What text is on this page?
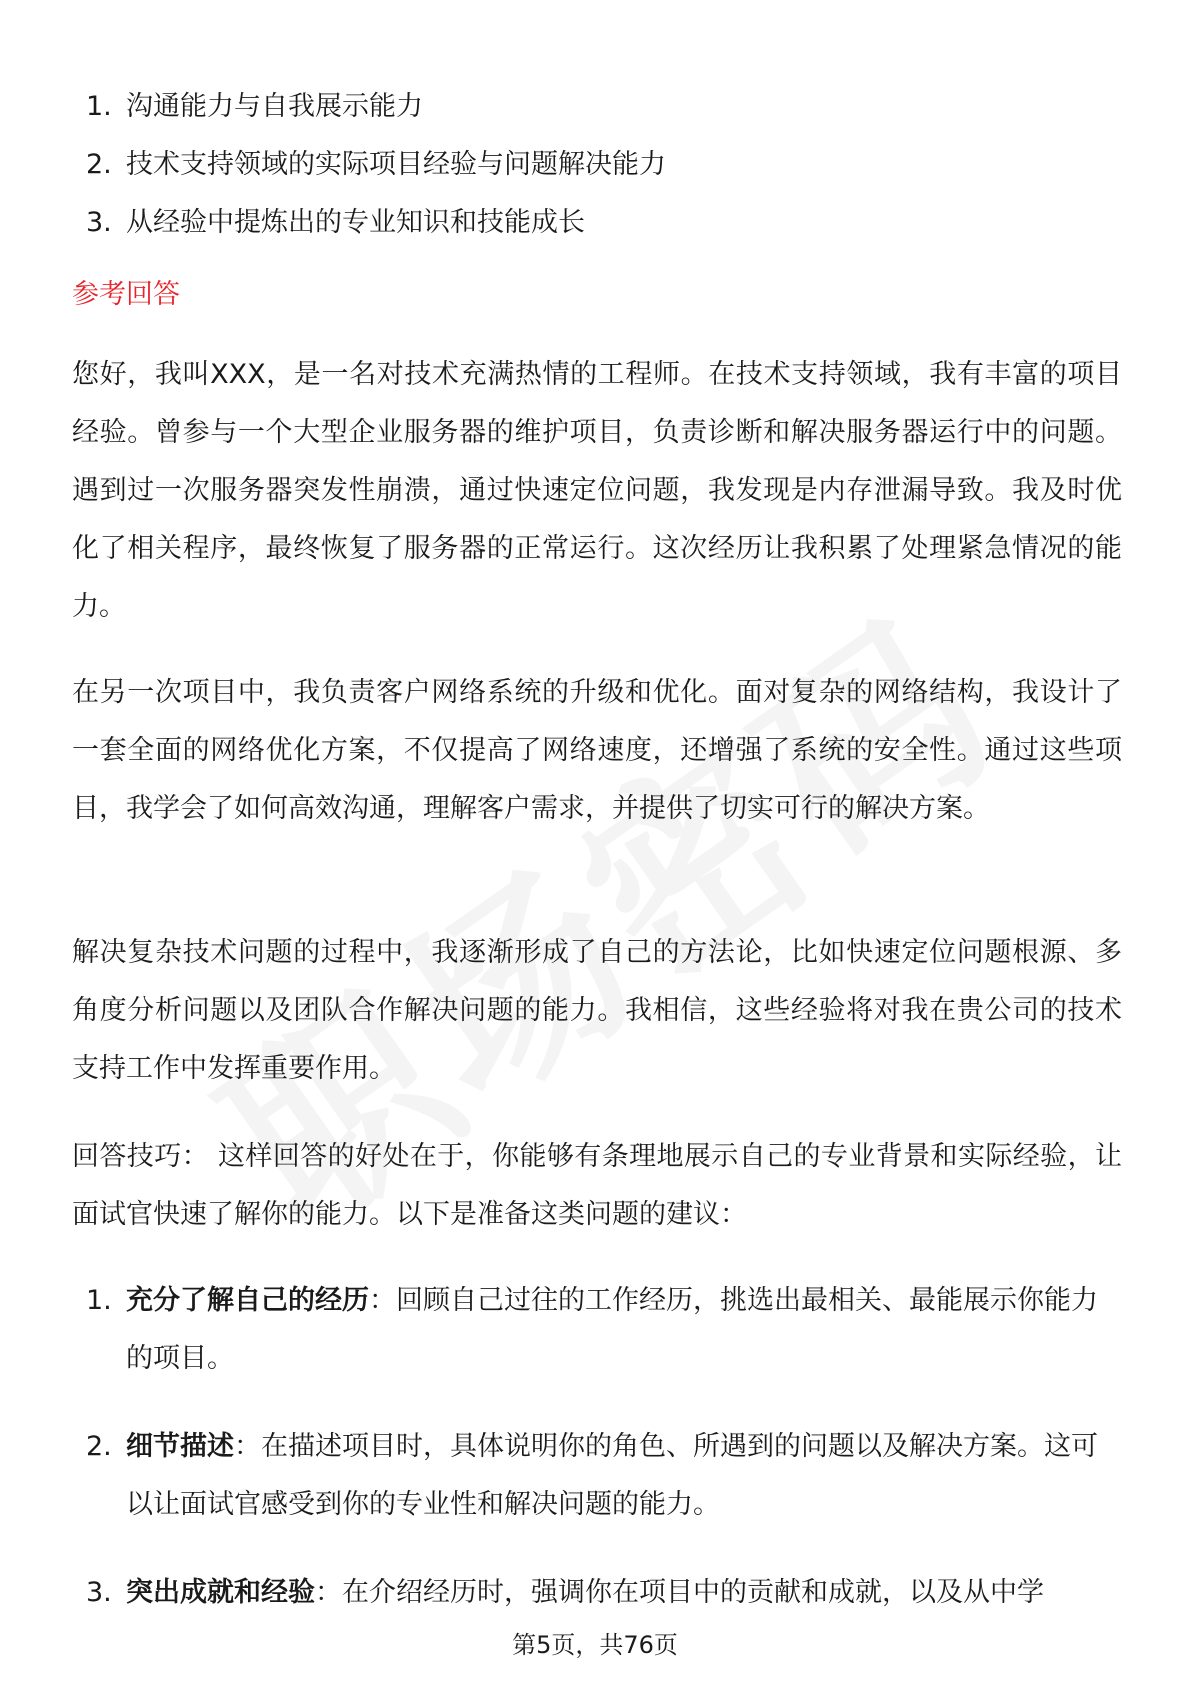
1. 沟通能力与自我展示能力
2. 技术支持领域的实际项目经验与问题解决能力
3. 从经验中提炼出的专业知识和技能成长
参考回答

您好，我叫XXX，是一名对技术充满热情的工程师。在技术支持领域，我有丰富的项目经验。曾参与一个大型企业服务器的维护项目，负责诊断和解决服务器运行中的问题。遇到过一次服务器突发性崩溃，通过快速定位问题，我发现是内存泄漏导致。我及时优化了相关程序，最终恢复了服务器的正常运行。这次经历让我积累了处理紧急情况的能力。

在另一次项目中，我负责客户网络系统的升级和优化。面对复杂的网络结构，我设计了一套全面的网络优化方案，不仅提高了网络速度，还增强了系统的安全性。通过这些项目，我学会了如何高效沟通，理解客户需求，并提供了切实可行的解决方案。

解决复杂技术问题的过程中，我逐渐形成了自己的方法论，比如快速定位问题根源、多角度分析问题以及团队合作解决问题的能力。我相信，这些经验将对我在贵公司的技术支持工作中发挥重要作用。

回答技巧： 这样回答的好处在于，你能够有条理地展示自己的专业背景和实际经验，让面试官快速了解你的能力。以下是准备这类问题的建议：

1. 充分了解自己的经历：回顾自己过往的工作经历，挑选出最相关、最能展示你能力的项目。
2. 细节描述：在描述项目时，具体说明你的角色、所遇到的问题以及解决方案。这可以让面试官感受到你的专业性和解决问题的能力。
3. 突出成就和经验：在介绍经历时，强调你在项目中的贡献和成就，以及从中学
第5页，共76页
